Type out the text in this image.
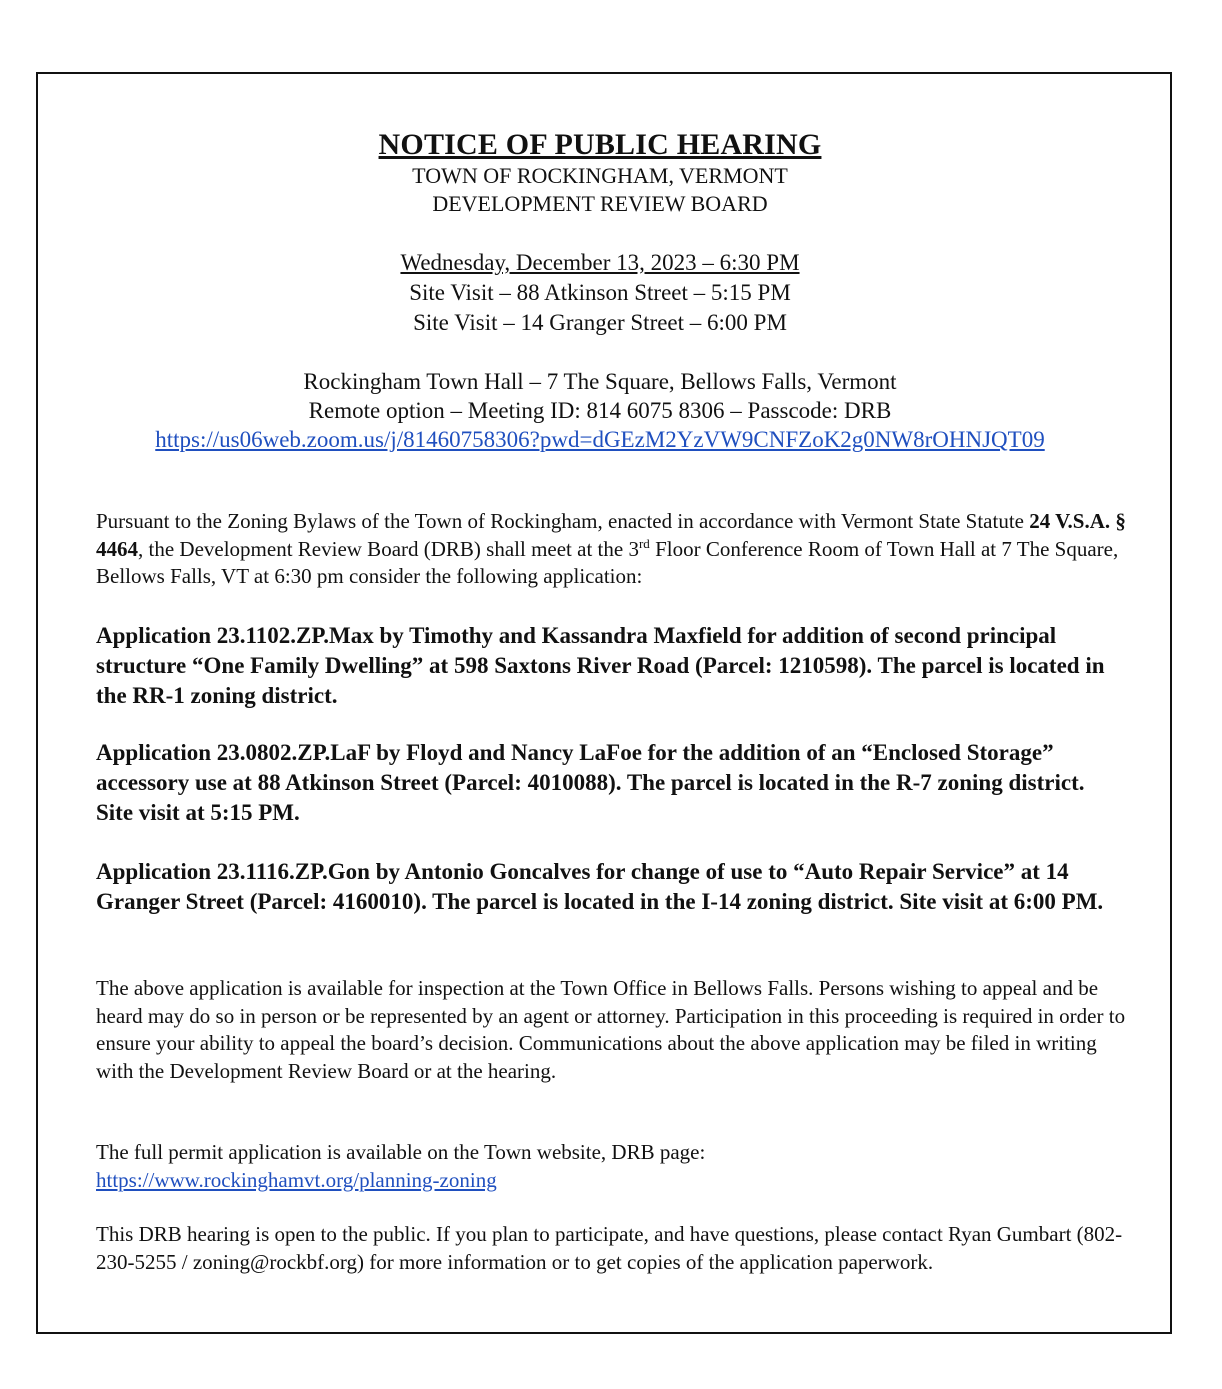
NOTICE OF PUBLIC HEARING
TOWN OF ROCKINGHAM, VERMONT
DEVELOPMENT REVIEW BOARD
Wednesday, December 13, 2023 – 6:30 PM
Site Visit – 88 Atkinson Street – 5:15 PM
Site Visit – 14 Granger Street – 6:00 PM
Rockingham Town Hall – 7 The Square, Bellows Falls, Vermont
Remote option – Meeting ID: 814 6075 8306 – Passcode: DRB
https://us06web.zoom.us/j/81460758306?pwd=dGEzM2YzVW9CNFZoK2g0NW8rOHNJQT09
Pursuant to the Zoning Bylaws of the Town of Rockingham, enacted in accordance with Vermont State Statute 24 V.S.A. § 4464, the Development Review Board (DRB) shall meet at the 3rd Floor Conference Room of Town Hall at 7 The Square, Bellows Falls, VT at 6:30 pm consider the following application:
Application 23.1102.ZP.Max by Timothy and Kassandra Maxfield for addition of second principal structure “One Family Dwelling” at 598 Saxtons River Road (Parcel: 1210598). The parcel is located in the RR-1 zoning district.
Application 23.0802.ZP.LaF by Floyd and Nancy LaFoe for the addition of an “Enclosed Storage” accessory use at 88 Atkinson Street (Parcel: 4010088). The parcel is located in the R-7 zoning district. Site visit at 5:15 PM.
Application 23.1116.ZP.Gon by Antonio Goncalves for change of use to “Auto Repair Service” at 14 Granger Street (Parcel: 4160010). The parcel is located in the I-14 zoning district. Site visit at 6:00 PM.
The above application is available for inspection at the Town Office in Bellows Falls. Persons wishing to appeal and be heard may do so in person or be represented by an agent or attorney. Participation in this proceeding is required in order to ensure your ability to appeal the board’s decision. Communications about the above application may be filed in writing with the Development Review Board or at the hearing.
The full permit application is available on the Town website, DRB page:
https://www.rockinghamvt.org/planning-zoning
This DRB hearing is open to the public. If you plan to participate, and have questions, please contact Ryan Gumbart (802-230-5255 / zoning@rockbf.org) for more information or to get copies of the application paperwork.
